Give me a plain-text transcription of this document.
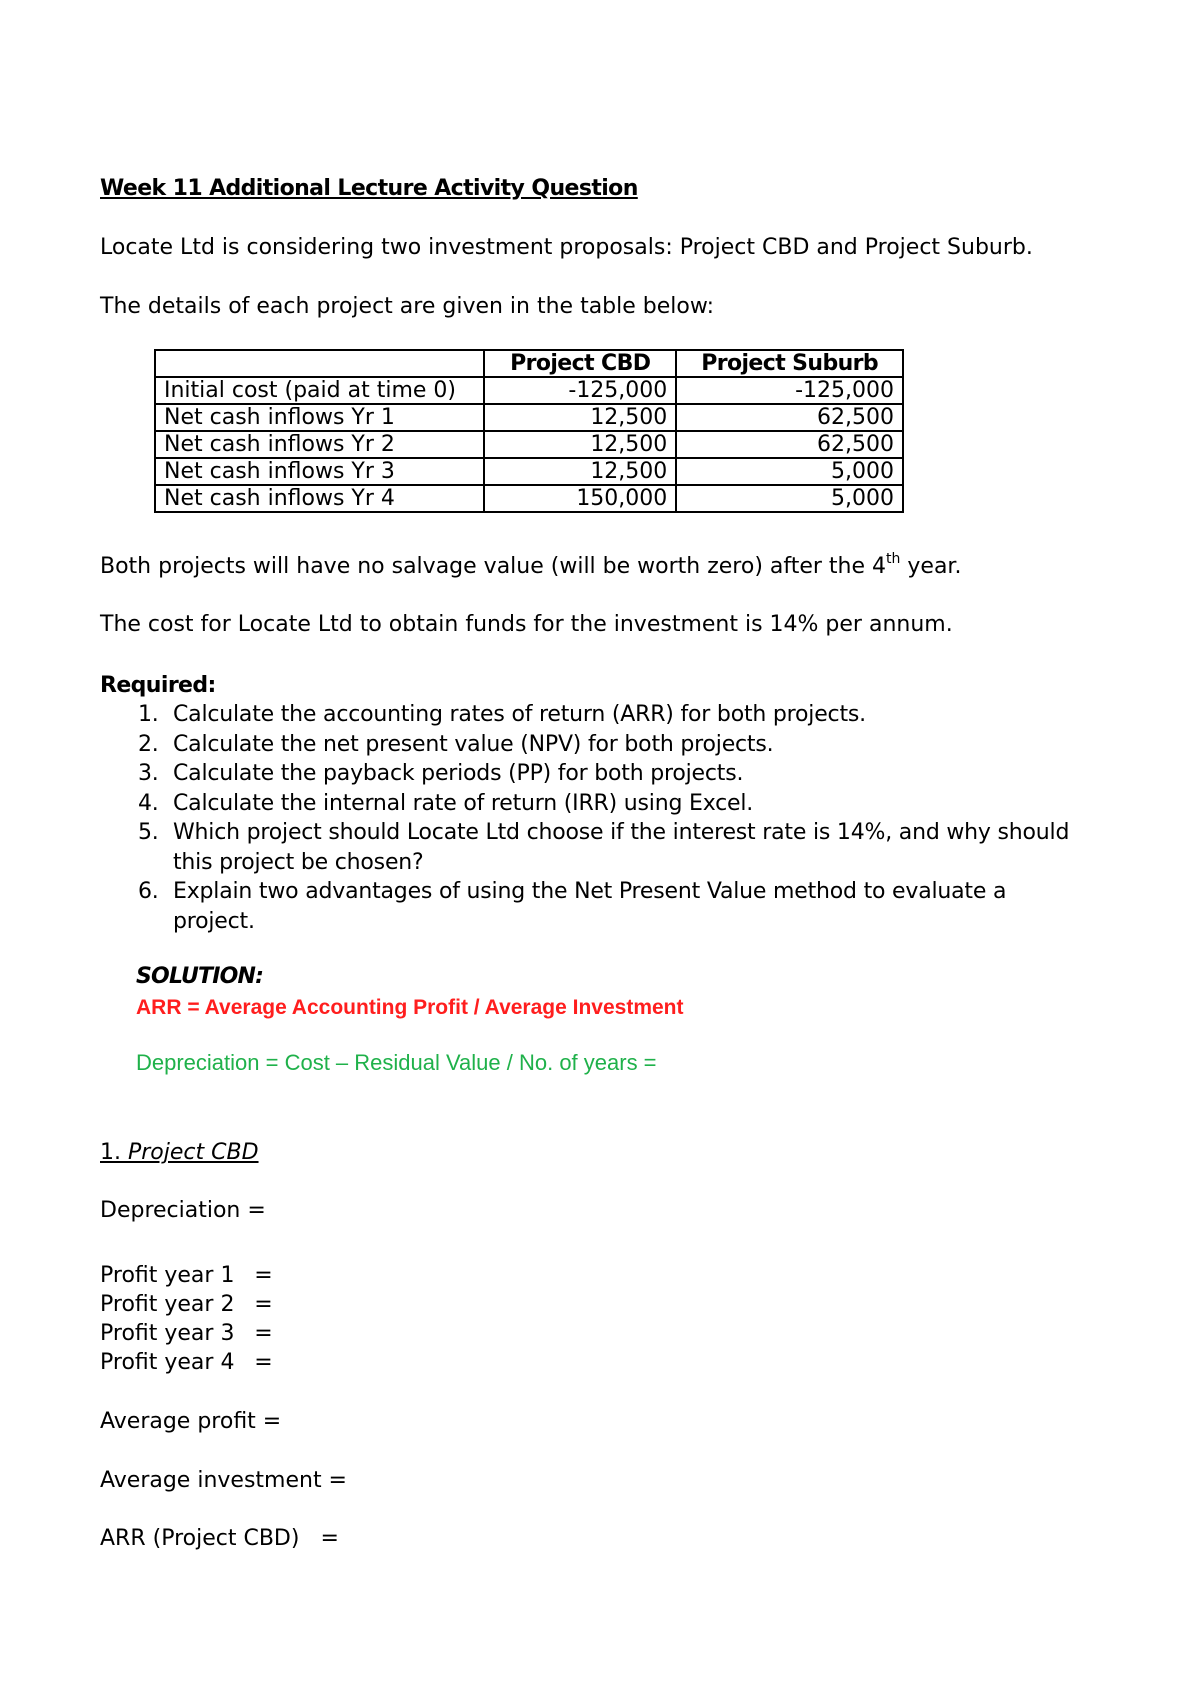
Week 11 Additional Lecture Activity Question
Locate Ltd is considering two investment proposals: Project CBD and Project Suburb.
The details of each project are given in the table below:
	Project CBD	Project Suburb
Initial cost (paid at time 0)	-125,000	-125,000
Net cash inflows Yr 1	12,500	62,500
Net cash inflows Yr 2	12,500	62,500
Net cash inflows Yr 3	12,500	5,000
Net cash inflows Yr 4	150,000	5,000
Both projects will have no salvage value (will be worth zero) after the 4th year.
The cost for Locate Ltd to obtain funds for the investment is 14% per annum.
Required:
1. Calculate the accounting rates of return (ARR) for both projects.
2. Calculate the net present value (NPV) for both projects.
3. Calculate the payback periods (PP) for both projects.
4. Calculate the internal rate of return (IRR) using Excel.
5. Which project should Locate Ltd choose if the interest rate is 14%, and why should this project be chosen?
6. Explain two advantages of using the Net Present Value method to evaluate a project.
SOLUTION:
ARR = Average Accounting Profit / Average Investment
Depreciation = Cost – Residual Value / No. of years =
1. Project CBD
Depreciation =
Profit year 1 =
Profit year 2 =
Profit year 3 =
Profit year 4 =
Average profit =
Average investment =
ARR (Project CBD) =
